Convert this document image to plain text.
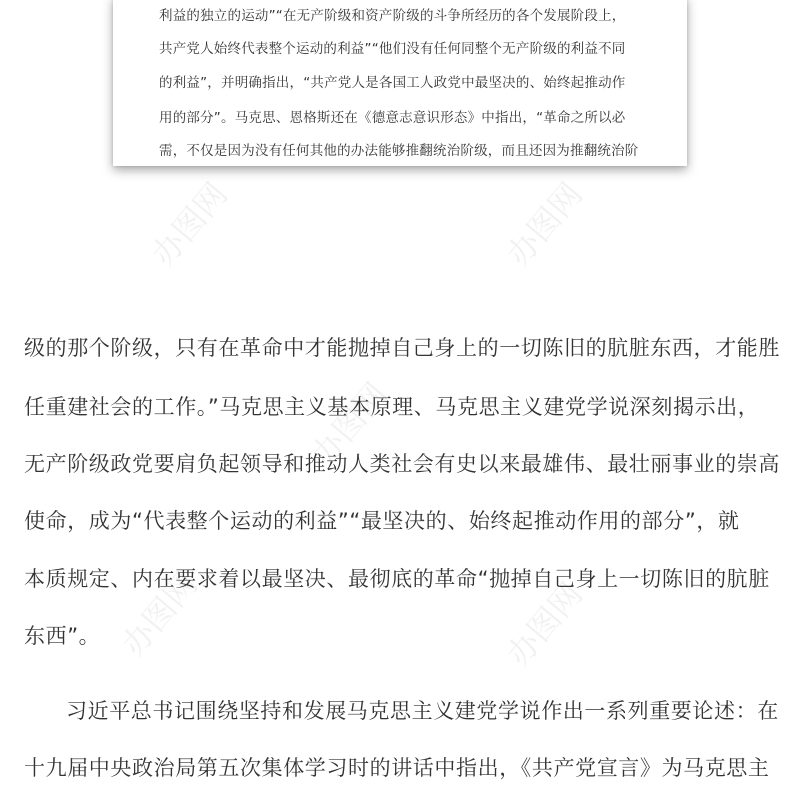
利益的独立的运动”“在无产阶级和资产阶级的斗争所经历的各个发展阶段上，
共产党人始终代表整个运动的利益”“他们没有任何同整个无产阶级的利益不同
的利益”，并明确指出，“共产党人是各国工人政党中最坚决的、始终起推动作
用的部分”。马克思、恩格斯还在《德意志意识形态》中指出，“革命之所以必
需，不仅是因为没有任何其他的办法能够推翻统治阶级，而且还因为推翻统治阶
级的那个阶级，只有在革命中才能抛掉自己身上的一切陈旧的肮脏东西，才能胜
任重建社会的工作。”马克思主义基本原理、马克思主义建党学说深刻揭示出，
无产阶级政党要肩负起领导和推动人类社会有史以来最雄伟、最壮丽事业的崇高
使命，成为“代表整个运动的利益”“最坚决的、始终起推动作用的部分”，就
本质规定、内在要求着以最坚决、最彻底的革命“抛掉自己身上一切陈旧的肮脏
东西”。
习近平总书记围绕坚持和发展马克思主义建党学说作出一系列重要论述：在
十九届中央政治局第五次集体学习时的讲话中指出，《共产党宣言》为马克思主
办图网	办图网
办图网
办图网	办图网
